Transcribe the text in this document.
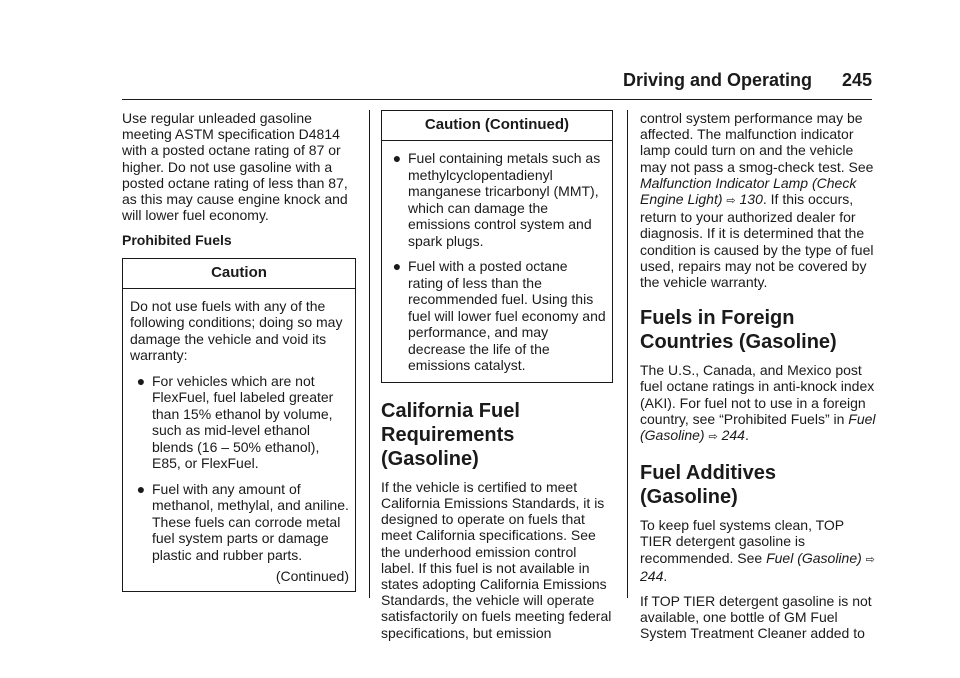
Driving and Operating 245

Use regular unleaded gasoline meeting ASTM specification D4814 with a posted octane rating of 87 or higher. Do not use gasoline with a posted octane rating of less than 87, as this may cause engine knock and will lower fuel economy.

Prohibited Fuels

Caution

Do not use fuels with any of the following conditions; doing so may damage the vehicle and void its warranty:

● For vehicles which are not FlexFuel, fuel labeled greater than 15% ethanol by volume, such as mid-level ethanol blends (16 – 50% ethanol), E85, or FlexFuel.
● Fuel with any amount of methanol, methylal, and aniline. These fuels can corrode metal fuel system parts or damage plastic and rubber parts.
(Continued)
Caution (Continued)
● Fuel containing metals such as methylcyclopentadienyl manganese tricarbonyl (MMT), which can damage the emissions control system and spark plugs.
● Fuel with a posted octane rating of less than the recommended fuel. Using this fuel will lower fuel economy and performance, and may decrease the life of the emissions catalyst.
California Fuel Requirements (Gasoline)

If the vehicle is certified to meet California Emissions Standards, it is designed to operate on fuels that meet California specifications. See the underhood emission control label. If this fuel is not available in states adopting California Emissions Standards, the vehicle will operate satisfactorily on fuels meeting federal specifications, but emission

control system performance may be affected. The malfunction indicator lamp could turn on and the vehicle may not pass a smog-check test. See Malfunction Indicator Lamp (Check Engine Light) ⇨ 130. If this occurs, return to your authorized dealer for diagnosis. If it is determined that the condition is caused by the type of fuel used, repairs may not be covered by the vehicle warranty.

Fuels in Foreign Countries (Gasoline)

The U.S., Canada, and Mexico post fuel octane ratings in anti-knock index (AKI). For fuel not to use in a foreign country, see “Prohibited Fuels” in Fuel (Gasoline) ⇨ 244.

Fuel Additives (Gasoline)

To keep fuel systems clean, TOP TIER detergent gasoline is recommended. See Fuel (Gasoline) ⇨ 244.

If TOP TIER detergent gasoline is not available, one bottle of GM Fuel System Treatment Cleaner added to
